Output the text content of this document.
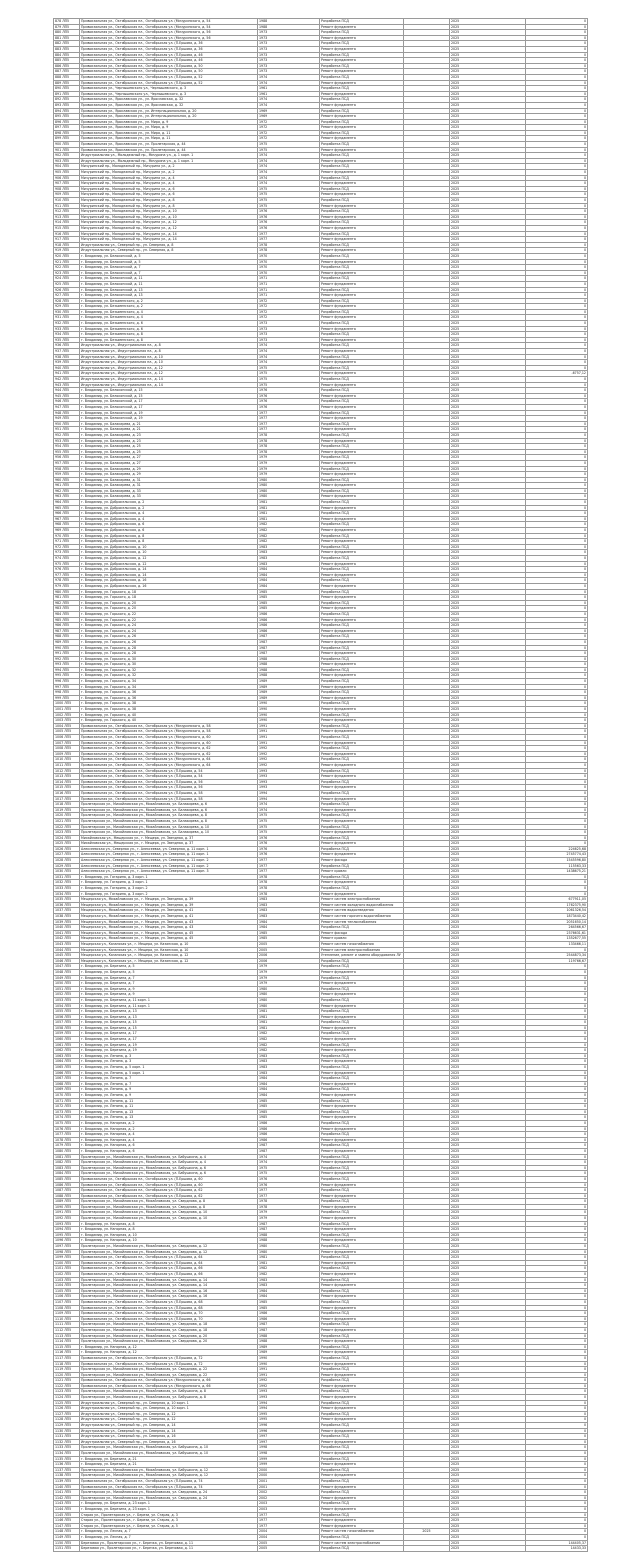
878 ЛП5	Привокзальная ул., Октябрьская пл., Октябрьская ул. (Мичуринского, д. 54	1988	Разработка ПСД		2025	0
879 ЛП5	Привокзальная ул., Октябрьская пл., Октябрьская ул. (Мичуринского, д. 54	1988	Ремонт фундамента		2025	0
880 ЛП5	Привокзальная ул., Октябрьская пл., Октябрьская ул. (Мичуринского, д. 56	1973	Разработка ПСД		2025	0
881 ЛП5	Привокзальная ул., Октябрьская пл., Октябрьская ул. (Мичуринского, д. 56	1973	Ремонт фундамента		2025	0
882 ЛП5	Привокзальная ул., Октябрьская пл., Октябрьская ул. (П.Ершова, д. 36	1973	Разработка ПСД		2025	0
883 ЛП5	Привокзальная ул., Октябрьская пл., Октябрьская ул. (П.Ершова, д. 36	1973	Ремонт фундамента		2025	0
884 ЛП5	Привокзальная ул., Октябрьская пл., Октябрьская ул. (П.Ершова, д. 46	1973	Разработка ПСД		2025	0
885 ЛП5	Привокзальная ул., Октябрьская пл., Октябрьская ул. (П.Ершова, д. 46	1973	Ремонт фундамента		2025	0
886 ЛП5	Привокзальная ул., Октябрьская пл., Октябрьская ул. (П.Ершова, д. 50	1973	Разработка ПСД		2025	0
887 ЛП5	Привокзальная ул., Октябрьская пл., Октябрьская ул. (П.Ершова, д. 50	1973	Ремонт фундамента		2025	0
888 ЛП5	Привокзальная ул., Октябрьская пл., Октябрьская ул. (П.Ершова, д. 52	1974	Разработка ПСД		2025	0
889 ЛП5	Привокзальная ул., Октябрьская пл., Октябрьская ул. (П.Ершова, д. 52	1974	Ремонт фундамента		2025	0
890 ЛП5	Привокзальная ул., Чернышевского ул., Чернышевского, д. 3	1961	Разработка ПСД		2025	0
891 ЛП5	Привокзальная ул., Чернышевского ул., Чернышевского, д. 3	1961	Ремонт фундамента		2025	0
892 ЛП5	Привокзальная ул., Ярославская ул., ул. Ярославская, д. 32	1974	Разработка ПСД		2025	0
893 ЛП5	Привокзальная ул., Ярославская ул., ул. Ярославская, д. 32	1974	Ремонт фундамента		2025	0
894 ЛП5	Привокзальная ул., Ярославская ул., ул. Интернациональная, д. 20	1969	Разработка ПСД		2025	0
895 ЛП5	Привокзальная ул., Ярославская ул., ул. Интернациональная, д. 20	1969	Ремонт фундамента		2025	0
896 ЛП5	Привокзальная ул., Ярославская ул., ул. Мира, д. 9	1972	Разработка ПСД		2025	0
897 ЛП5	Привокзальная ул., Ярославская ул., ул. Мира, д. 9	1972	Ремонт фундамента		2025	0
898 ЛП5	Привокзальная ул., Ярославская ул., ул. Мира, д. 11	1972	Разработка ПСД		2025	0
899 ЛП5	Привокзальная ул., Ярославская ул., ул. Мира, д. 11	1972	Ремонт фундамента		2025	0
900 ЛП5	Привокзальная ул., Ярославская ул., ул. Пролетарская, д. 44	1975	Разработка ПСД		2025	0
901 ЛП5	Привокзальная ул., Ярославская ул., ул. Пролетарская, д. 44	1975	Ремонт фундамента		2025	0
902 ЛП5	Индустриальная ул., Молодежный пр., Мичурина ул., д. 1 корп. 1	1974	Разработка ПСД		2025	0
903 ЛП5	Индустриальная ул., Молодежный пр., Мичурина ул., д. 1 корп. 1	1974	Ремонт фундамента		2025	0
904 ЛП5	Мичуринский пр., Молодежный пр., Мичурина ул., д. 2	1974	Разработка ПСД		2025	0
905 ЛП5	Мичуринский пр., Молодежный пр., Мичурина ул., д. 2	1974	Ремонт фундамента		2025	0
906 ЛП5	Мичуринский пр., Молодежный пр., Мичурина ул., д. 4	1974	Разработка ПСД		2025	0
907 ЛП5	Мичуринский пр., Молодежный пр., Мичурина ул., д. 4	1974	Ремонт фундамента		2025	0
908 ЛП5	Мичуринский пр., Молодежный пр., Мичурина ул., д. 6	1975	Разработка ПСД		2025	0
909 ЛП5	Мичуринский пр., Молодежный пр., Мичурина ул., д. 6	1975	Ремонт фундамента		2025	0
910 ЛП5	Мичуринский пр., Молодежный пр., Мичурина ул., д. 8	1975	Разработка ПСД		2025	0
911 ЛП5	Мичуринский пр., Молодежный пр., Мичурина ул., д. 8	1975	Ремонт фундамента		2025	0
912 ЛП5	Мичуринский пр., Молодежный пр., Мичурина ул., д. 10	1976	Разработка ПСД		2025	0
913 ЛП5	Мичуринский пр., Молодежный пр., Мичурина ул., д. 10	1976	Ремонт фундамента		2025	0
914 ЛП5	Мичуринский пр., Молодежный пр., Мичурина ул., д. 12	1976	Разработка ПСД		2025	0
915 ЛП5	Мичуринский пр., Молодежный пр., Мичурина ул., д. 12	1976	Ремонт фундамента		2025	0
916 ЛП5	Мичуринский пр., Молодежный пр., Мичурина ул., д. 14	1977	Разработка ПСД		2025	0
917 ЛП5	Мичуринский пр., Молодежный пр., Мичурина ул., д. 14	1977	Ремонт фундамента		2025	0
918 ЛП5	Индустриальная ул., Северный пр., ул. Северная, д. 8	1978	Разработка ПСД		2025	0
919 ЛП5	Индустриальная ул., Северный пр., ул. Северная, д. 8	1978	Ремонт фундамента		2025	0
920 ЛП5	г. Владимир, ул. Белоконской, д. 5	1970	Разработка ПСД		2025	0
921 ЛП5	г. Владимир, ул. Белоконской, д. 5	1970	Ремонт фундамента		2025	0
922 ЛП5	г. Владимир, ул. Белоконской, д. 7	1970	Разработка ПСД		2025	0
923 ЛП5	г. Владимир, ул. Белоконской, д. 7	1970	Ремонт фундамента		2025	0
924 ЛП5	г. Владимир, ул. Белоконской, д. 11	1971	Разработка ПСД		2025	0
925 ЛП5	г. Владимир, ул. Белоконской, д. 11	1971	Ремонт фундамента		2025	0
926 ЛП5	г. Владимир, ул. Белоконской, д. 13	1971	Разработка ПСД		2025	0
927 ЛП5	г. Владимир, ул. Белоконской, д. 13	1971	Ремонт фундамента		2025	0
928 ЛП5	г. Владимир, ул. Безыменского, д. 2	1972	Разработка ПСД		2025	0
929 ЛП5	г. Владимир, ул. Безыменского, д. 2	1972	Ремонт фундамента		2025	0
930 ЛП5	г. Владимир, ул. Безыменского, д. 4	1972	Разработка ПСД		2025	0
931 ЛП5	г. Владимир, ул. Безыменского, д. 4	1972	Ремонт фундамента		2025	0
932 ЛП5	г. Владимир, ул. Безыменского, д. 6	1973	Разработка ПСД		2025	0
933 ЛП5	г. Владимир, ул. Безыменского, д. 6	1973	Ремонт фундамента		2025	0
934 ЛП5	г. Владимир, ул. Безыменского, д. 8	1973	Разработка ПСД		2025	0
935 ЛП5	г. Владимир, ул. Безыменского, д. 8	1973	Ремонт фундамента		2025	0
936 ЛП5	Индустриальная ул., Индустриальная пл., д. 8	1974	Разработка ПСД		2025	0
937 ЛП5	Индустриальная ул., Индустриальная пл., д. 8	1974	Ремонт фундамента		2025	0
938 ЛП5	Индустриальная ул., Индустриальная пл., д. 10	1974	Разработка ПСД		2025	0
939 ЛП5	Индустриальная ул., Индустриальная пл., д. 10	1974	Ремонт фундамента		2025	0
940 ЛП5	Индустриальная ул., Индустриальная пл., д. 12	1975	Разработка ПСД		2025	0
941 ЛП5	Индустриальная ул., Индустриальная пл., д. 12	1975	Ремонт фундамента		2025	-6757,12
942 ЛП5	Индустриальная ул., Индустриальная пл., д. 14	1975	Разработка ПСД		2025	0
943 ЛП5	Индустриальная ул., Индустриальная пл., д. 14	1975	Ремонт фундамента		2025	0
944 ЛП5	г. Владимир, ул. Белоконской, д. 15	1976	Разработка ПСД		2025	0
945 ЛП5	г. Владимир, ул. Белоконской, д. 15	1976	Ремонт фундамента		2025	0
946 ЛП5	г. Владимир, ул. Белоконской, д. 17	1976	Разработка ПСД		2025	0
947 ЛП5	г. Владимир, ул. Белоконской, д. 17	1976	Ремонт фундамента		2025	0
948 ЛП5	г. Владимир, ул. Белоконской, д. 19	1977	Разработка ПСД		2025	0
949 ЛП5	г. Владимир, ул. Белоконской, д. 19	1977	Ремонт фундамента		2025	0
950 ЛП5	г. Владимир, ул. Балакирева, д. 21	1977	Разработка ПСД		2025	0
951 ЛП5	г. Владимир, ул. Балакирева, д. 21	1977	Ремонт фундамента		2025	0
952 ЛП5	г. Владимир, ул. Балакирева, д. 23	1978	Разработка ПСД		2025	0
953 ЛП5	г. Владимир, ул. Балакирева, д. 23	1978	Ремонт фундамента		2025	0
954 ЛП5	г. Владимир, ул. Балакирева, д. 25	1978	Разработка ПСД		2025	0
955 ЛП5	г. Владимир, ул. Балакирева, д. 25	1978	Ремонт фундамента		2025	0
956 ЛП5	г. Владимир, ул. Балакирева, д. 27	1979	Разработка ПСД		2025	0
957 ЛП5	г. Владимир, ул. Балакирева, д. 27	1979	Ремонт фундамента		2025	0
958 ЛП5	г. Владимир, ул. Балакирева, д. 29	1979	Разработка ПСД		2025	0
959 ЛП5	г. Владимир, ул. Балакирева, д. 29	1979	Ремонт фундамента		2025	0
960 ЛП5	г. Владимир, ул. Балакирева, д. 31	1980	Разработка ПСД		2025	0
961 ЛП5	г. Владимир, ул. Балакирева, д. 31	1980	Ремонт фундамента		2025	0
962 ЛП5	г. Владимир, ул. Балакирева, д. 33	1980	Разработка ПСД		2025	0
963 ЛП5	г. Владимир, ул. Балакирева, д. 33	1980	Ремонт фундамента		2025	0
964 ЛП5	г. Владимир, ул. Добросельская, д. 2	1981	Разработка ПСД		2025	0
965 ЛП5	г. Владимир, ул. Добросельская, д. 2	1981	Ремонт фундамента		2025	0
966 ЛП5	г. Владимир, ул. Добросельская, д. 4	1981	Разработка ПСД		2025	0
967 ЛП5	г. Владимир, ул. Добросельская, д. 4	1981	Ремонт фундамента		2025	0
968 ЛП5	г. Владимир, ул. Добросельская, д. 6	1982	Разработка ПСД		2025	0
969 ЛП5	г. Владимир, ул. Добросельская, д. 6	1982	Ремонт фундамента		2025	0
970 ЛП5	г. Владимир, ул. Добросельская, д. 8	1982	Разработка ПСД		2025	0
971 ЛП5	г. Владимир, ул. Добросельская, д. 8	1982	Ремонт фундамента		2025	0
972 ЛП5	г. Владимир, ул. Добросельская, д. 10	1983	Разработка ПСД		2025	0
973 ЛП5	г. Владимир, ул. Добросельская, д. 10	1983	Ремонт фундамента		2025	0
974 ЛП5	г. Владимир, ул. Добросельская, д. 12	1983	Разработка ПСД		2025	0
975 ЛП5	г. Владимир, ул. Добросельская, д. 12	1983	Ремонт фундамента		2025	0
976 ЛП5	г. Владимир, ул. Добросельская, д. 14	1984	Разработка ПСД		2025	0
977 ЛП5	г. Владимир, ул. Добросельская, д. 14	1984	Ремонт фундамента		2025	0
978 ЛП5	г. Владимир, ул. Добросельская, д. 16	1984	Разработка ПСД		2025	0
979 ЛП5	г. Владимир, ул. Добросельская, д. 16	1984	Ремонт фундамента		2025	0
980 ЛП5	г. Владимир, ул. Горького, д. 18	1985	Разработка ПСД		2025	0
981 ЛП5	г. Владимир, ул. Горького, д. 18	1985	Ремонт фундамента		2025	0
982 ЛП5	г. Владимир, ул. Горького, д. 20	1985	Разработка ПСД		2025	0
983 ЛП5	г. Владимир, ул. Горького, д. 20	1985	Ремонт фундамента		2025	0
984 ЛП5	г. Владимир, ул. Горького, д. 22	1986	Разработка ПСД		2025	0
985 ЛП5	г. Владимир, ул. Горького, д. 22	1986	Ремонт фундамента		2025	0
986 ЛП5	г. Владимир, ул. Горького, д. 24	1986	Разработка ПСД		2025	0
987 ЛП5	г. Владимир, ул. Горького, д. 24	1986	Ремонт фундамента		2025	0
988 ЛП5	г. Владимир, ул. Горького, д. 26	1987	Разработка ПСД		2025	0
989 ЛП5	г. Владимир, ул. Горького, д. 26	1987	Ремонт фундамента		2025	0
990 ЛП5	г. Владимир, ул. Горького, д. 28	1987	Разработка ПСД		2025	0
991 ЛП5	г. Владимир, ул. Горького, д. 28	1987	Ремонт фундамента		2025	0
992 ЛП5	г. Владимир, ул. Горького, д. 30	1988	Разработка ПСД		2025	0
993 ЛП5	г. Владимир, ул. Горького, д. 30	1988	Ремонт фундамента		2025	0
994 ЛП5	г. Владимир, ул. Горького, д. 32	1988	Разработка ПСД		2025	0
995 ЛП5	г. Владимир, ул. Горького, д. 32	1988	Ремонт фундамента		2025	0
996 ЛП5	г. Владимир, ул. Горького, д. 34	1989	Разработка ПСД		2025	0
997 ЛП5	г. Владимир, ул. Горького, д. 34	1989	Ремонт фундамента		2025	0
998 ЛП5	г. Владимир, ул. Горького, д. 36	1989	Разработка ПСД		2025	0
999 ЛП5	г. Владимир, ул. Горького, д. 36	1989	Ремонт фундамента		2025	0
1000 ЛП5	г. Владимир, ул. Горького, д. 38	1990	Разработка ПСД		2025	0
1001 ЛП5	г. Владимир, ул. Горького, д. 38	1990	Ремонт фундамента		2025	0
1002 ЛП5	г. Владимир, ул. Горького, д. 40	1990	Разработка ПСД		2025	0
1003 ЛП5	г. Владимир, ул. Горького, д. 40	1990	Ремонт фундамента		2025	0
1004 ЛП5	Привокзальная ул., Октябрьская пл., Октябрьская ул. (Мичуринского, д. 58	1991	Разработка ПСД		2025	0
1005 ЛП5	Привокзальная ул., Октябрьская пл., Октябрьская ул. (Мичуринского, д. 58	1991	Ремонт фундамента		2025	0
1006 ЛП5	Привокзальная ул., Октябрьская пл., Октябрьская ул. (Мичуринского, д. 60	1991	Разработка ПСД		2025	0
1007 ЛП5	Привокзальная ул., Октябрьская пл., Октябрьская ул. (Мичуринского, д. 60	1991	Ремонт фундамента		2025	0
1008 ЛП5	Привокзальная ул., Октябрьская пл., Октябрьская ул. (Мичуринского, д. 62	1992	Разработка ПСД		2025	0
1009 ЛП5	Привокзальная ул., Октябрьская пл., Октябрьская ул. (Мичуринского, д. 62	1992	Ремонт фундамента		2025	0
1010 ЛП5	Привокзальная ул., Октябрьская пл., Октябрьская ул. (Мичуринского, д. 64	1992	Разработка ПСД		2025	0
1011 ЛП5	Привокзальная ул., Октябрьская пл., Октябрьская ул. (Мичуринского, д. 64	1992	Ремонт фундамента		2025	0
1012 ЛП5	Привокзальная ул., Октябрьская пл., Октябрьская ул. (П.Ершова, д. 54	1993	Разработка ПСД		2025	0
1013 ЛП5	Привокзальная ул., Октябрьская пл., Октябрьская ул. (П.Ершова, д. 54	1993	Ремонт фундамента		2025	0
1014 ЛП5	Привокзальная ул., Октябрьская пл., Октябрьская ул. (П.Ершова, д. 56	1993	Разработка ПСД		2025	0
1015 ЛП5	Привокзальная ул., Октябрьская пл., Октябрьская ул. (П.Ершова, д. 56	1993	Ремонт фундамента		2025	0
1016 ЛП5	Привокзальная ул., Октябрьская пл., Октябрьская ул. (П.Ершова, д. 58	1994	Разработка ПСД		2025	0
1017 ЛП5	Привокзальная ул., Октябрьская пл., Октябрьская ул. (П.Ершова, д. 58	1994	Ремонт фундамента		2025	0
1018 ЛП5	Пролетарская ул., Михайловская ул., Михайловская, ул. Балакирева, д. 6	1974	Разработка ПСД		2025	0
1019 ЛП5	Пролетарская ул., Михайловская ул., Михайловская, ул. Балакирева, д. 6	1974	Ремонт фундамента		2025	0
1020 ЛП5	Пролетарская ул., Михайловская ул., Михайловская, ул. Балакирева, д. 8	1975	Разработка ПСД		2025	0
1021 ЛП5	Пролетарская ул., Михайловская ул., Михайловская, ул. Балакирева, д. 8	1975	Ремонт фундамента		2025	0
1022 ЛП5	Пролетарская ул., Михайловская ул., Михайловская, ул. Балакирева, д. 10	1975	Разработка ПСД		2025	0
1023 ЛП5	Пролетарская ул., Михайловская ул., Михайловская, ул. Балакирева, д. 10	1975	Ремонт фундамента		2025	0
1024 ЛП5	Михайловская ул., Мещерская ул., г. Мещера, ул. Звездная, д. 37	1976	Разработка ПСД		2025	0
1025 ЛП5	Михайловская ул., Мещерская ул., г. Мещера, ул. Звездная, д. 37	1976	Ремонт фундамента		2025	0
1026 ЛП5	Алексеевская ул., Северная ул., г. Алексеевка, ул. Северная, д. 11 корп. 1	1976	Разработка ПСД		2025	224625,68
1027 ЛП5	Алексеевская ул., Северная ул., г. Алексеевка, ул. Северная, д. 11 корп. 1	1976	Ремонт фундамента		2025	2745774,43
1028 ЛП5	Алексеевская ул., Северная ул., г. Алексеевка, ул. Северная, д. 11 корп. 2	1977	Ремонт фасада		2025	1545596,80
1029 ЛП5	Алексеевская ул., Северная ул., г. Алексеевка, ул. Северная, д. 11 корп. 2	1977	Разработка ПСД		2025	115563,33
1030 ЛП5	Алексеевская ул., Северная ул., г. Алексеевка, ул. Северная, д. 11 корп. 3	1977	Ремонт кровли		2025	1438675,21
1031 ЛП5	г. Владимир, ул. Гагарина, д. 3 корп. 1	1978	Разработка ПСД		2025	0
1032 ЛП5	г. Владимир, ул. Гагарина, д. 3 корп. 1	1978	Ремонт фундамента		2025	0
1033 ЛП5	г. Владимир, ул. Гагарина, д. 3 корп. 2	1978	Разработка ПСД		2025	0
1034 ЛП5	г. Владимир, ул. Гагарина, д. 3 корп. 2	1978	Ремонт фундамента		2025	0
1035 ЛП5	Мещерская ул., Михайловская ул., г. Мещера, ул. Звездная, д. 39	1983	Ремонт систем электроснабжения		2025	677911,05
1036 ЛП5	Мещерская ул., Михайловская ул., г. Мещера, ул. Звездная, д. 39	1983	Ремонт систем холодного водоснабжения		2025	1762375,90
1037 ЛП5	Мещерская ул., Михайловская ул., г. Мещера, ул. Звездная, д. 41	1983	Ремонт систем водоотведения		2025	1061326,54
1038 ЛП5	Мещерская ул., Михайловская ул., г. Мещера, ул. Звездная, д. 41	1983	Ремонт систем горячего водоснабжения		2025	1873440,42
1039 ЛП5	Мещерская ул., Михайловская ул., г. Мещера, ул. Звездная, д. 43	1984	Ремонт систем теплоснабжения		2025	2051650,14
1040 ЛП5	Мещерская ул., Михайловская ул., г. Мещера, ул. Звездная, д. 43	1984	Разработка ПСД		2025	264566,67
1041 ЛП5	Мещерская ул., Михайловская ул., г. Мещера, ул. Звездная, д. 45	1985	Ремонт фасада		2025	2376631,61
1042 ЛП5	Мещерская ул., Михайловская ул., г. Мещера, ул. Звездная, д. 45	1985	Ремонт кровли		2025	1352677,55
1043 ЛП5	Мещерская ул., Казанская ул., г. Мещера, ул. Казанская, д. 10	2005	Ремонт систем газоснабжения		2025	133466,11
1044 ЛП5	Мещерская ул., Казанская ул., г. Мещера, ул. Казанская, д. 10	2005	Ремонт систем электроснабжения		2025	0
1045 ЛП5	Мещерская ул., Казанская ул., г. Мещера, ул. Казанская, д. 12	2006	Утепление, ремонт и замена оборудования ЛУ		2025	2544873,34
1046 ЛП5	Мещерская ул., Казанская ул., г. Мещера, ул. Казанская, д. 12	2006	Разработка ПСД		2025	119766,67
1047 ЛП5	г. Владимир, ул. Березина, д. 5	1979	Разработка ПСД		2025	0
1048 ЛП5	г. Владимир, ул. Березина, д. 5	1979	Ремонт фундамента		2025	0
1049 ЛП5	г. Владимир, ул. Березина, д. 7	1979	Разработка ПСД		2025	0
1050 ЛП5	г. Владимир, ул. Березина, д. 7	1979	Ремонт фундамента		2025	0
1051 ЛП5	г. Владимир, ул. Березина, д. 9	1980	Разработка ПСД		2025	0
1052 ЛП5	г. Владимир, ул. Березина, д. 9	1980	Ремонт фундамента		2025	0
1053 ЛП5	г. Владимир, ул. Березина, д. 11 корп. 1	1980	Разработка ПСД		2025	0
1054 ЛП5	г. Владимир, ул. Березина, д. 11 корп. 1	1980	Ремонт фундамента		2025	0
1055 ЛП5	г. Владимир, ул. Березина, д. 13	1981	Разработка ПСД		2025	0
1056 ЛП5	г. Владимир, ул. Березина, д. 13	1981	Ремонт фундамента		2025	0
1057 ЛП5	г. Владимир, ул. Березина, д. 15	1981	Разработка ПСД		2025	0
1058 ЛП5	г. Владимир, ул. Березина, д. 15	1981	Ремонт фундамента		2025	0
1059 ЛП5	г. Владимир, ул. Березина, д. 17	1982	Разработка ПСД		2025	0
1060 ЛП5	г. Владимир, ул. Березина, д. 17	1982	Ремонт фундамента		2025	0
1061 ЛП5	г. Владимир, ул. Березина, д. 19	1982	Разработка ПСД		2025	0
1062 ЛП5	г. Владимир, ул. Березина, д. 19	1982	Ремонт фундамента		2025	0
1063 ЛП5	г. Владимир, ул. Ленина, д. 3	1983	Разработка ПСД		2025	0
1064 ЛП5	г. Владимир, ул. Ленина, д. 3	1983	Ремонт фундамента		2025	0
1065 ЛП5	г. Владимир, ул. Ленина, д. 5 корп. 1	1983	Разработка ПСД		2025	0
1066 ЛП5	г. Владимир, ул. Ленина, д. 5 корп. 1	1983	Ремонт фундамента		2025	0
1067 ЛП5	г. Владимир, ул. Ленина, д. 7	1984	Разработка ПСД		2025	0
1068 ЛП5	г. Владимир, ул. Ленина, д. 7	1984	Ремонт фундамента		2025	0
1069 ЛП5	г. Владимир, ул. Ленина, д. 9	1984	Разработка ПСД		2025	0
1070 ЛП5	г. Владимир, ул. Ленина, д. 9	1984	Ремонт фундамента		2025	0
1071 ЛП5	г. Владимир, ул. Ленина, д. 11	1985	Разработка ПСД		2025	0
1072 ЛП5	г. Владимир, ул. Ленина, д. 11	1985	Ремонт фундамента		2025	0
1073 ЛП5	г. Владимир, ул. Ленина, д. 13	1985	Разработка ПСД		2025	0
1074 ЛП5	г. Владимир, ул. Ленина, д. 13	1985	Ремонт фундамента		2025	0
1075 ЛП5	г. Владимир, ул. Нагорная, д. 2	1986	Разработка ПСД		2025	0
1076 ЛП5	г. Владимир, ул. Нагорная, д. 2	1986	Ремонт фундамента		2025	0
1077 ЛП5	г. Владимир, ул. Нагорная, д. 4	1986	Разработка ПСД		2025	0
1078 ЛП5	г. Владимир, ул. Нагорная, д. 4	1986	Ремонт фундамента		2025	0
1079 ЛП5	г. Владимир, ул. Нагорная, д. 6	1987	Разработка ПСД		2025	0
1080 ЛП5	г. Владимир, ул. Нагорная, д. 6	1987	Ремонт фундамента		2025	0
1081 ЛП5	Пролетарская ул., Михайловская ул., Михайловская, ул. Бабушкина, д. 4	1974	Разработка ПСД		2025	0
1082 ЛП5	Пролетарская ул., Михайловская ул., Михайловская, ул. Бабушкина, д. 4	1974	Ремонт фундамента		2025	0
1083 ЛП5	Пролетарская ул., Михайловская ул., Михайловская, ул. Бабушкина, д. 6	1975	Разработка ПСД		2025	0
1084 ЛП5	Пролетарская ул., Михайловская ул., Михайловская, ул. Бабушкина, д. 6	1975	Ремонт фундамента		2025	0
1085 ЛП5	Привокзальная ул., Октябрьская пл., Октябрьская ул. (П.Ершова, д. 60	1976	Разработка ПСД		2025	0
1086 ЛП5	Привокзальная ул., Октябрьская пл., Октябрьская ул. (П.Ершова, д. 60	1976	Ремонт фундамента		2025	0
1087 ЛП5	Привокзальная ул., Октябрьская пл., Октябрьская ул. (П.Ершова, д. 62	1977	Разработка ПСД		2025	0
1088 ЛП5	Привокзальная ул., Октябрьская пл., Октябрьская ул. (П.Ершова, д. 62	1977	Ремонт фундамента		2025	0
1089 ЛП5	Пролетарская ул., Михайловская ул., Михайловская, ул. Свердлова, д. 8	1978	Разработка ПСД		2025	0
1090 ЛП5	Пролетарская ул., Михайловская ул., Михайловская, ул. Свердлова, д. 8	1978	Ремонт фундамента		2025	0
1091 ЛП5	Пролетарская ул., Михайловская ул., Михайловская, ул. Свердлова, д. 10	1979	Разработка ПСД		2025	0
1092 ЛП5	Пролетарская ул., Михайловская ул., Михайловская, ул. Свердлова, д. 10	1979	Ремонт фундамента		2025	0
1093 ЛП5	г. Владимир, ул. Нагорная, д. 8	1987	Разработка ПСД		2025	0
1094 ЛП5	г. Владимир, ул. Нагорная, д. 8	1987	Ремонт фундамента		2025	0
1095 ЛП5	г. Владимир, ул. Нагорная, д. 10	1988	Разработка ПСД		2025	0
1096 ЛП5	г. Владимир, ул. Нагорная, д. 10	1988	Ремонт фундамента		2025	0
1097 ЛП5	Пролетарская ул., Михайловская ул., Михайловская, ул. Свердлова, д. 12	1980	Разработка ПСД		2025	0
1098 ЛП5	Пролетарская ул., Михайловская ул., Михайловская, ул. Свердлова, д. 12	1980	Ремонт фундамента		2025	0
1099 ЛП5	Привокзальная ул., Октябрьская пл., Октябрьская ул. (П.Ершова, д. 64	1981	Разработка ПСД		2025	0
1100 ЛП5	Привокзальная ул., Октябрьская пл., Октябрьская ул. (П.Ершова, д. 64	1981	Ремонт фундамента		2025	0
1101 ЛП5	Привокзальная ул., Октябрьская пл., Октябрьская ул. (П.Ершова, д. 66	1982	Разработка ПСД		2025	0
1102 ЛП5	Привокзальная ул., Октябрьская пл., Октябрьская ул. (П.Ершова, д. 66	1982	Ремонт фундамента		2025	0
1103 ЛП5	Пролетарская ул., Михайловская ул., Михайловская, ул. Свердлова, д. 14	1983	Разработка ПСД		2025	0
1104 ЛП5	Пролетарская ул., Михайловская ул., Михайловская, ул. Свердлова, д. 14	1983	Ремонт фундамента		2025	0
1105 ЛП5	Пролетарская ул., Михайловская ул., Михайловская, ул. Свердлова, д. 16	1984	Разработка ПСД		2025	0
1106 ЛП5	Пролетарская ул., Михайловская ул., Михайловская, ул. Свердлова, д. 16	1984	Ремонт фундамента		2025	0
1107 ЛП5	Привокзальная ул., Октябрьская пл., Октябрьская ул. (П.Ершова, д. 68	1985	Разработка ПСД		2025	0
1108 ЛП5	Привокзальная ул., Октябрьская пл., Октябрьская ул. (П.Ершова, д. 68	1985	Ремонт фундамента		2025	0
1109 ЛП5	Привокзальная ул., Октябрьская пл., Октябрьская ул. (П.Ершова, д. 70	1986	Разработка ПСД		2025	0
1110 ЛП5	Привокзальная ул., Октябрьская пл., Октябрьская ул. (П.Ершова, д. 70	1986	Ремонт фундамента		2025	0
1111 ЛП5	Пролетарская ул., Михайловская ул., Михайловская, ул. Свердлова, д. 18	1987	Разработка ПСД		2025	0
1112 ЛП5	Пролетарская ул., Михайловская ул., Михайловская, ул. Свердлова, д. 18	1987	Ремонт фундамента		2025	0
1113 ЛП5	Пролетарская ул., Михайловская ул., Михайловская, ул. Свердлова, д. 20	1988	Разработка ПСД		2025	0
1114 ЛП5	Пролетарская ул., Михайловская ул., Михайловская, ул. Свердлова, д. 20	1988	Ремонт фундамента		2025	0
1115 ЛП5	г. Владимир, ул. Нагорная, д. 12	1989	Разработка ПСД		2025	0
1116 ЛП5	г. Владимир, ул. Нагорная, д. 12	1989	Ремонт фундамента		2025	0
1117 ЛП5	Привокзальная ул., Октябрьская пл., Октябрьская ул. (П.Ершова, д. 72	1990	Разработка ПСД		2025	0
1118 ЛП5	Привокзальная ул., Октябрьская пл., Октябрьская ул. (П.Ершова, д. 72	1990	Ремонт фундамента		2025	0
1119 ЛП5	Пролетарская ул., Михайловская ул., Михайловская, ул. Свердлова, д. 22	1991	Разработка ПСД		2025	0
1120 ЛП5	Пролетарская ул., Михайловская ул., Михайловская, ул. Свердлова, д. 22	1991	Ремонт фундамента		2025	0
1121 ЛП5	Привокзальная ул., Октябрьская пл., Октябрьская ул. (Мичуринского, д. 66	1992	Разработка ПСД		2025	0
1122 ЛП5	Привокзальная ул., Октябрьская пл., Октябрьская ул. (Мичуринского, д. 66	1992	Ремонт фундамента		2025	0
1123 ЛП5	Пролетарская ул., Михайловская ул., Михайловская, ул. Бабушкина, д. 8	1993	Разработка ПСД		2025	0
1124 ЛП5	Пролетарская ул., Михайловская ул., Михайловская, ул. Бабушкина, д. 8	1993	Ремонт фундамента		2025	0
1125 ЛП5	Индустриальная ул., Северный пр., ул. Северная, д. 10 корп. 1	1994	Разработка ПСД		2025	0
1126 ЛП5	Индустриальная ул., Северный пр., ул. Северная, д. 10 корп. 1	1994	Ремонт фундамента		2025	0
1127 ЛП5	Индустриальная ул., Северный пр., ул. Северная, д. 12	1995	Разработка ПСД		2025	0
1128 ЛП5	Индустриальная ул., Северный пр., ул. Северная, д. 12	1995	Ремонт фундамента		2025	0
1129 ЛП5	Индустриальная ул., Северный пр., ул. Северная, д. 14	1996	Разработка ПСД		2025	0
1130 ЛП5	Индустриальная ул., Северный пр., ул. Северная, д. 14	1996	Ремонт фундамента		2025	0
1131 ЛП5	Индустриальная ул., Северный пр., ул. Северная, д. 16	1997	Разработка ПСД		2025	0
1132 ЛП5	Индустриальная ул., Северный пр., ул. Северная, д. 16	1997	Ремонт фундамента		2025	0
1133 ЛП5	Пролетарская ул., Михайловская ул., Михайловская, ул. Бабушкина, д. 10	1998	Разработка ПСД		2025	0
1134 ЛП5	Пролетарская ул., Михайловская ул., Михайловская, ул. Бабушкина, д. 10	1998	Ремонт фундамента		2025	0
1135 ЛП5	г. Владимир, ул. Березина, д. 21	1999	Разработка ПСД		2025	0
1136 ЛП5	г. Владимир, ул. Березина, д. 21	1999	Ремонт фундамента		2025	0
1137 ЛП5	Пролетарская ул., Михайловская ул., Михайловская, ул. Бабушкина, д. 12	2000	Разработка ПСД		2025	0
1138 ЛП5	Пролетарская ул., Михайловская ул., Михайловская, ул. Бабушкина, д. 12	2000	Ремонт фундамента		2025	0
1139 ЛП5	Привокзальная ул., Октябрьская пл., Октябрьская ул. (П.Ершова, д. 74	2001	Разработка ПСД		2025	0
1140 ЛП5	Привокзальная ул., Октябрьская пл., Октябрьская ул. (П.Ершова, д. 74	2001	Ремонт фундамента		2025	0
1141 ЛП5	Пролетарская ул., Михайловская ул., Михайловская, ул. Свердлова, д. 24	2002	Разработка ПСД		2025	0
1142 ЛП5	Пролетарская ул., Михайловская ул., Михайловская, ул. Свердлова, д. 24	2002	Ремонт фундамента		2025	0
1143 ЛП5	г. Владимир, ул. Березина, д. 23 корп. 1	2003	Разработка ПСД		2025	0
1144 ЛП5	г. Владимир, ул. Березина, д. 23 корп. 1	2003	Ремонт фундамента		2025	0
1145 ЛП5	Старая ул., Пролетарская ул., г. Берези, ул. Старая, д. 3	1977	Разработка ПСД		2025	0
1146 ЛП5	Старая ул., Пролетарская ул., г. Берези, ул. Старая, д. 3	1977	Ремонт фундамента		2025	0
1147 ЛП5	Старая ул., Пролетарская ул., г. Берези, ул. Старая, д. 5	1977	Ремонт фундамента		2025	0
1148 ЛП5	г. Владимир, ул. Лесная, д. 7	2004	Ремонт систем газоснабжения	2025	2025	0
1149 ЛП5	г. Владимир, ул. Лесная, д. 7	2004	Разработка ПСД		2025	0
1150 ЛП5	Березовая ул., Пролетарская ул., г. Березка, ул. Березовая, д. 11	2005	Ремонт систем электроснабжения		2025	144405,37
1151 ЛП5	Березовая ул., Пролетарская ул., г. Березка, ул. Березовая, д. 11	2005	Разработка ПСД		2025	14433,33
